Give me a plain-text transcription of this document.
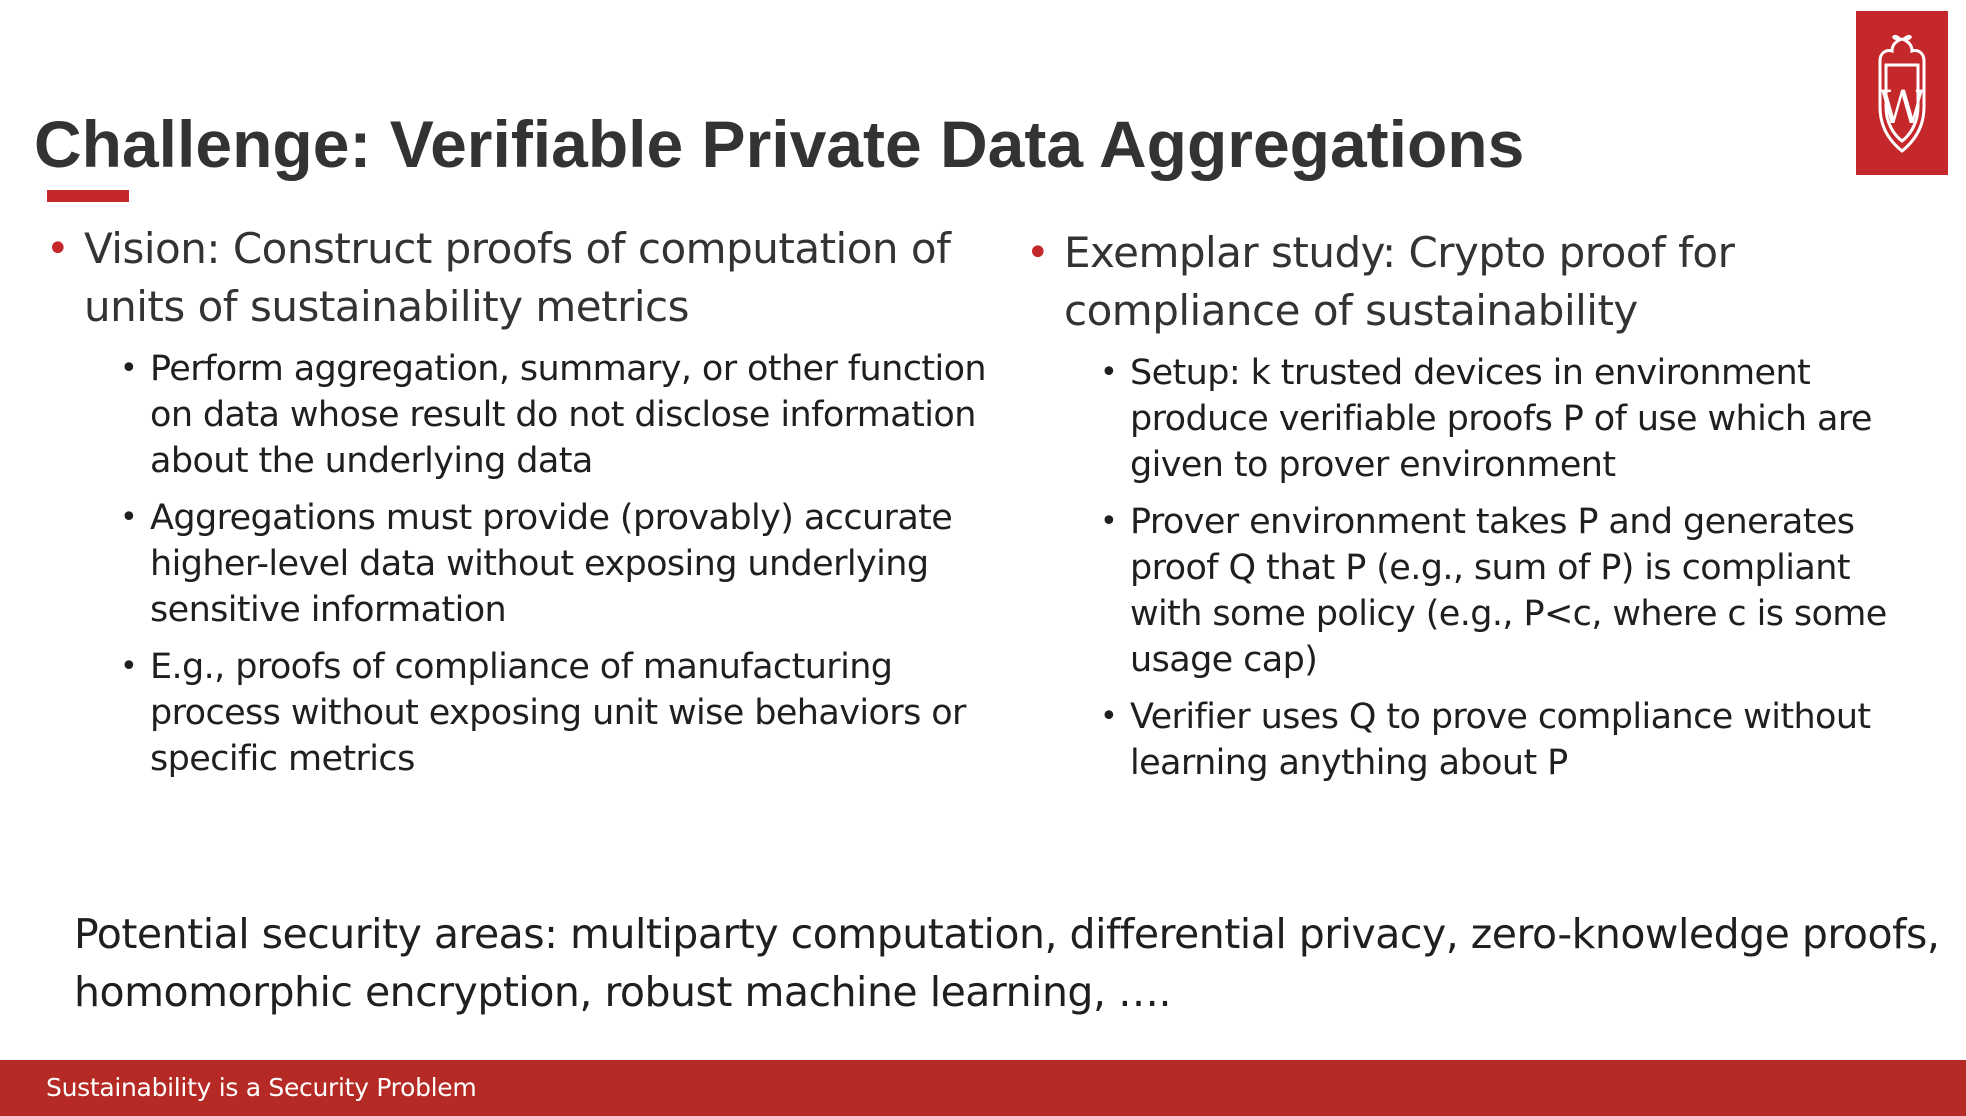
W
Challenge: Verifiable Private Data Aggregations
• Vision: Construct proofs of computation of units of sustainability metrics
• Perform aggregation, summary, or other function on data whose result do not disclose information about the underlying data
• Aggregations must provide (provably) accurate higher-level data without exposing underlying sensitive information
• E.g., proofs of compliance of manufacturing process without exposing unit wise behaviors or specific metrics
• Exemplar study: Crypto proof for compliance of sustainability
• Setup: k trusted devices in environment produce verifiable proofs P of use which are given to prover environment
• Prover environment takes P and generates proof Q that P (e.g., sum of P) is compliant with some policy (e.g., P<c, where c is some usage cap)
• Verifier uses Q to prove compliance without learning anything about P
Potential security areas: multiparty computation, differential privacy, zero-knowledge proofs, homomorphic encryption, robust machine learning, ….
Sustainability is a Security Problem
